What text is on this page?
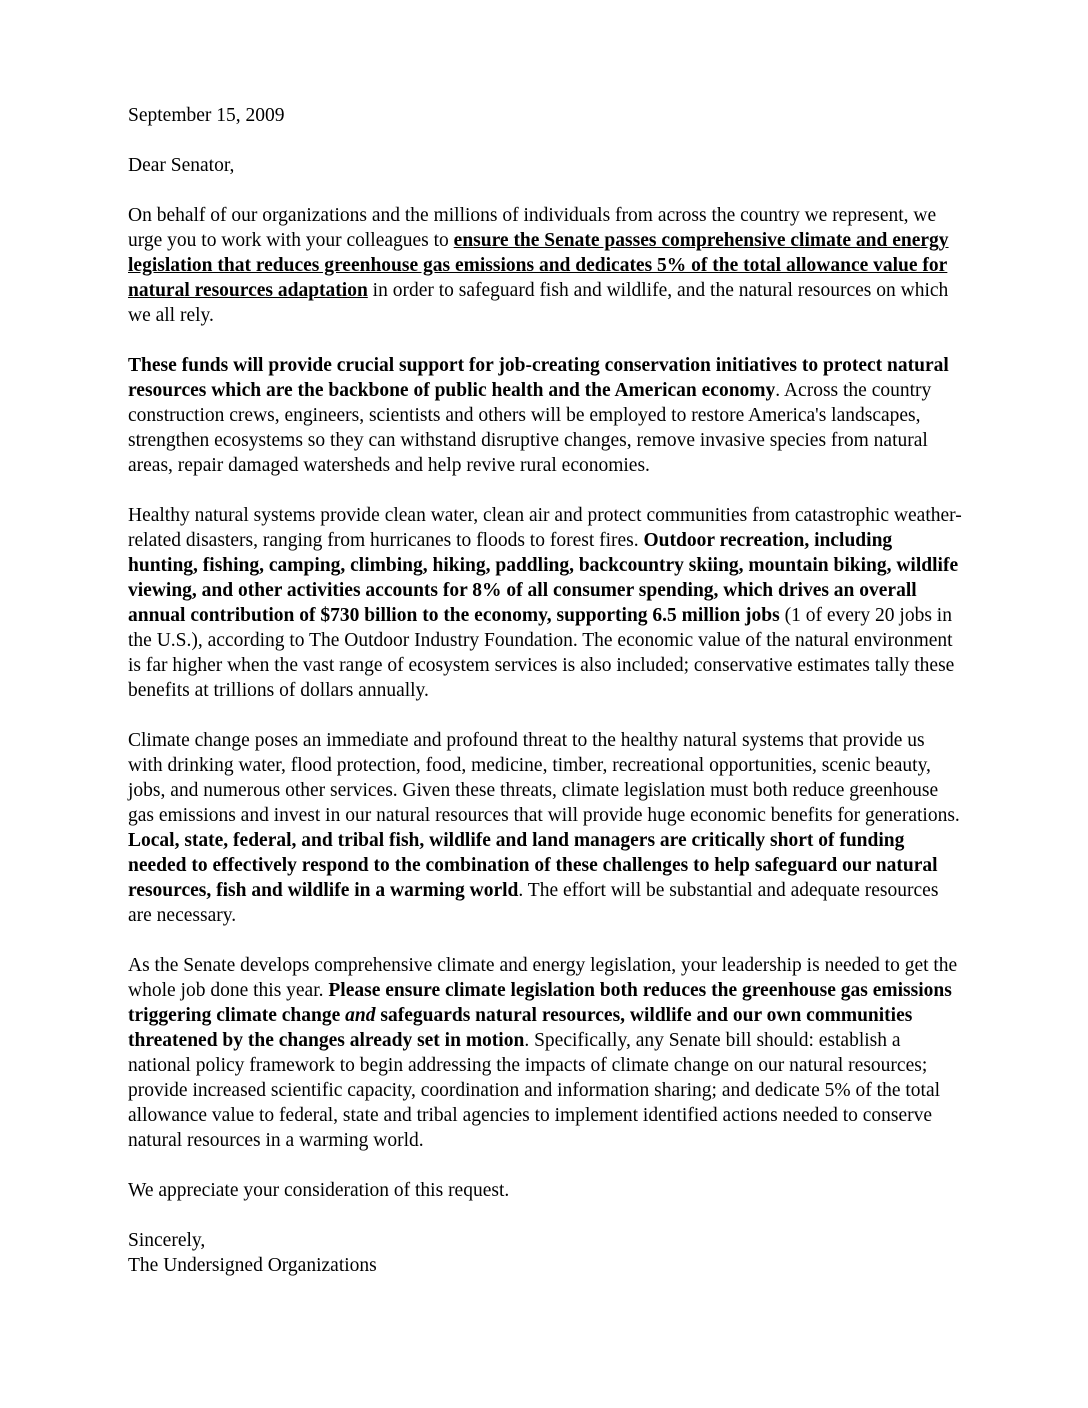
September 15, 2009
Dear Senator,

On behalf of our organizations and the millions of individuals from across the country we represent, we urge you to work with your colleagues to ensure the Senate passes comprehensive climate and energy legislation that reduces greenhouse gas emissions and dedicates 5% of the total allowance value for natural resources adaptation in order to safeguard fish and wildlife, and the natural resources on which we all rely.

These funds will provide crucial support for job-creating conservation initiatives to protect natural resources which are the backbone of public health and the American economy. Across the country construction crews, engineers, scientists and others will be employed to restore America's landscapes, strengthen ecosystems so they can withstand disruptive changes, remove invasive species from natural areas, repair damaged watersheds and help revive rural economies.

Healthy natural systems provide clean water, clean air and protect communities from catastrophic weather-related disasters, ranging from hurricanes to floods to forest fires. Outdoor recreation, including hunting, fishing, camping, climbing, hiking, paddling, backcountry skiing, mountain biking, wildlife viewing, and other activities accounts for 8% of all consumer spending, which drives an overall annual contribution of $730 billion to the economy, supporting 6.5 million jobs (1 of every 20 jobs in the U.S.), according to The Outdoor Industry Foundation. The economic value of the natural environment is far higher when the vast range of ecosystem services is also included; conservative estimates tally these benefits at trillions of dollars annually.

Climate change poses an immediate and profound threat to the healthy natural systems that provide us with drinking water, flood protection, food, medicine, timber, recreational opportunities, scenic beauty, jobs, and numerous other services. Given these threats, climate legislation must both reduce greenhouse gas emissions and invest in our natural resources that will provide huge economic benefits for generations. Local, state, federal, and tribal fish, wildlife and land managers are critically short of funding needed to effectively respond to the combination of these challenges to help safeguard our natural resources, fish and wildlife in a warming world. The effort will be substantial and adequate resources are necessary.

As the Senate develops comprehensive climate and energy legislation, your leadership is needed to get the whole job done this year. Please ensure climate legislation both reduces the greenhouse gas emissions triggering climate change and safeguards natural resources, wildlife and our own communities threatened by the changes already set in motion. Specifically, any Senate bill should: establish a national policy framework to begin addressing the impacts of climate change on our natural resources; provide increased scientific capacity, coordination and information sharing; and dedicate 5% of the total allowance value to federal, state and tribal agencies to implement identified actions needed to conserve natural resources in a warming world.

We appreciate your consideration of this request.
Sincerely,
The Undersigned Organizations
